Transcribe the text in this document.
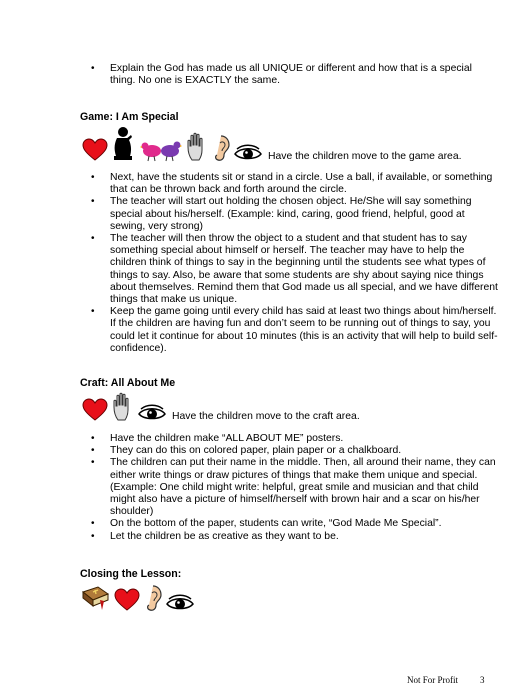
• Explain the God has made us all UNIQUE or different and how that is a special thing. No one is EXACTLY the same.
Game: I Am Special
Have the children move to the game area.
• Next, have the students sit or stand in a circle. Use a ball, if available, or something that can be thrown back and forth around the circle.
• The teacher will start out holding the chosen object. He/She will say something special about his/herself. (Example: kind, caring, good friend, helpful, good at sewing, very strong)
• The teacher will then throw the object to a student and that student has to say something special about himself or herself. The teacher may have to help the children think of things to say in the beginning until the students see what types of things to say. Also, be aware that some students are shy about saying nice things about themselves. Remind them that God made us all special, and we have different things that make us unique.
• Keep the game going until every child has said at least two things about him/herself. If the children are having fun and don’t seem to be running out of things to say, you could let it continue for about 10 minutes (this is an activity that will help to build self-confidence).
Craft: All About Me
Have the children move to the craft area.
• Have the children make “ALL ABOUT ME” posters.
• They can do this on colored paper, plain paper or a chalkboard.
• The children can put their name in the middle. Then, all around their name, they can either write things or draw pictures of things that make them unique and special. (Example: One child might write: helpful, great smile and musician and that child might also have a picture of himself/herself with brown hair and a scar on his/her shoulder)
• On the bottom of the paper, students can write, “God Made Me Special”.
• Let the children be as creative as they want to be.
Closing the Lesson:
Not For Profit 3
